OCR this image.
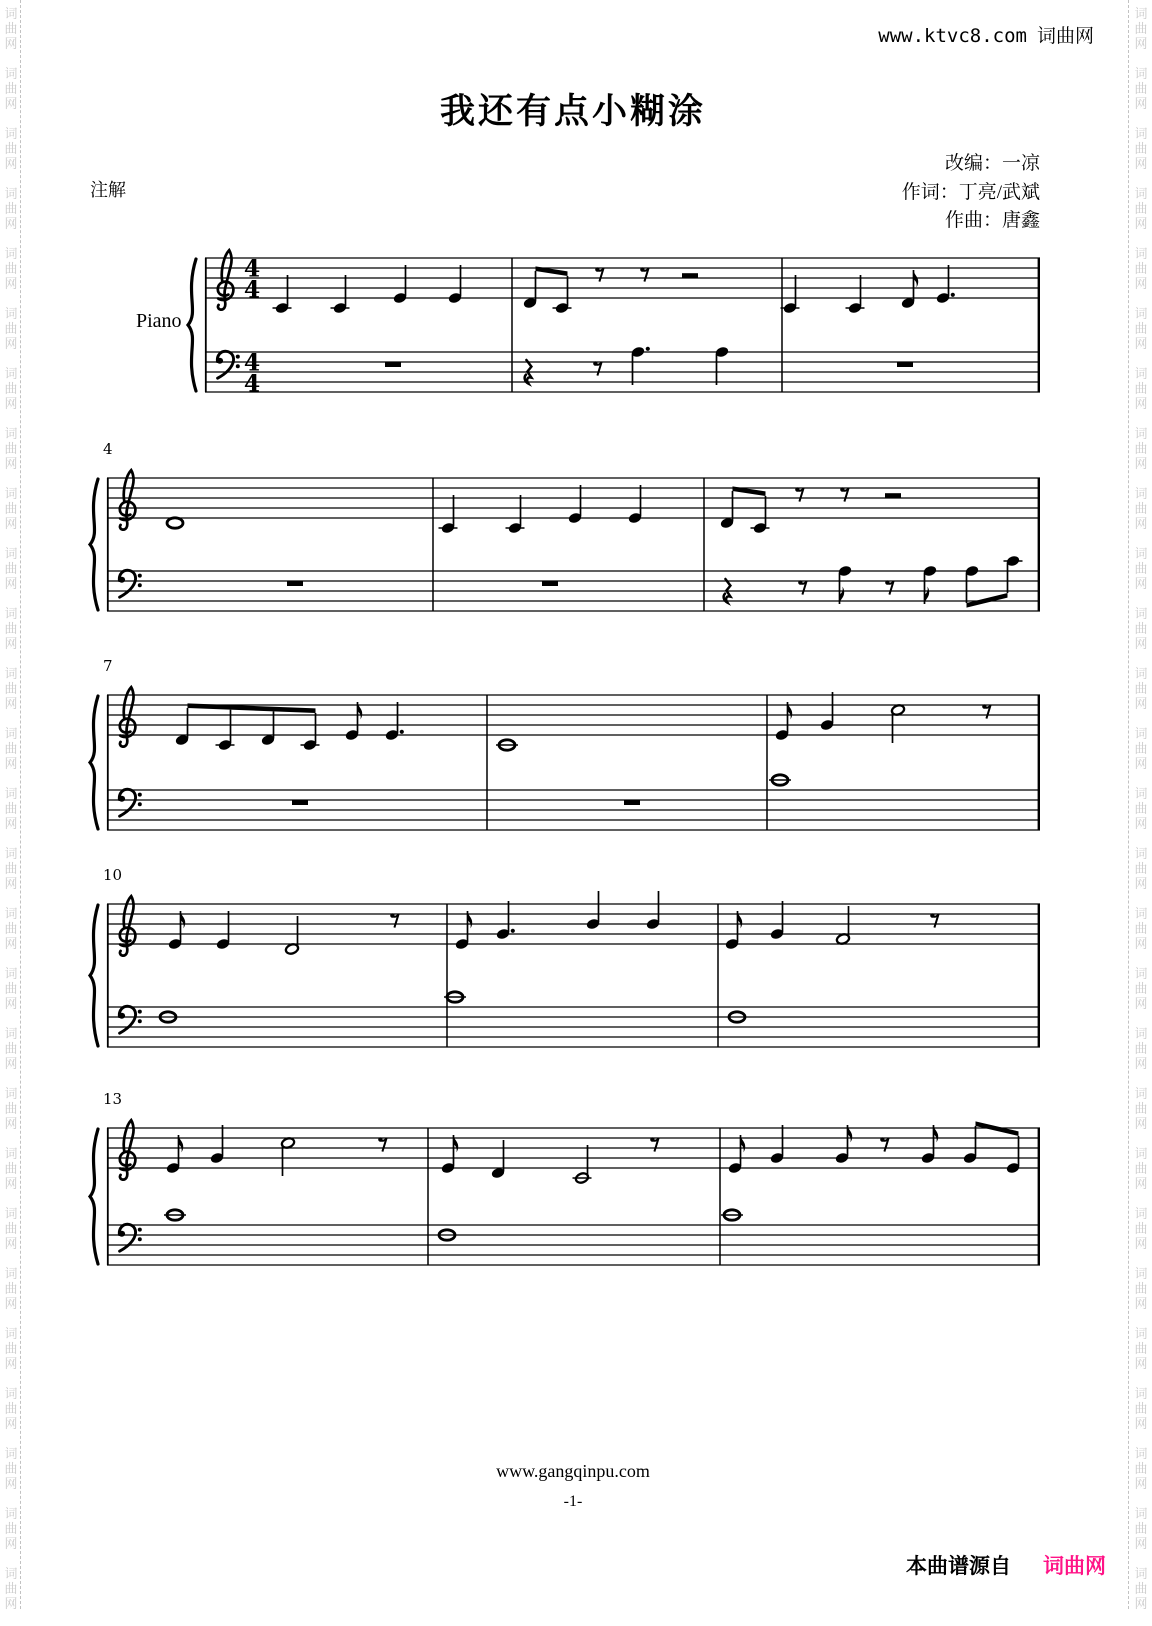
词
曲
网
词
曲
网
词
曲
网
词
曲
网
词
曲
网
词
曲
网
词
曲
网
词
曲
网
词
曲
网
词
曲
网
词
曲
网
词
曲
网
词
曲
网
词
曲
网
词
曲
网
词
曲
网
词
曲
网
词
曲
网
词
曲
网
词
曲
网
词
曲
网
词
曲
网
词
曲
网
词
曲
网
词
曲
网
词
曲
网
词
曲
网
词
曲
网
词
曲
网
词
曲
网
词
曲
网
词
曲
网
词
曲
网
词
曲
网
词
曲
网
词
曲
网
词
曲
网
词
曲
网
词
曲
网
词
曲
网
词
曲
网
词
曲
网
词
曲
网
词
曲
网
词
曲
网
词
曲
网
词
曲
网
词
曲
网
词
曲
网
词
曲
网
词
曲
网
词
曲
网
词
曲
网
词
曲
网
www.ktvc8.com 词曲网
我还有点小糊涂
改编：一凉
作词：丁亮/武斌
作曲：唐鑫
注解
Piano
4
4
4
4
4
7
10
13
www.gangqinpu.com
-1-
本曲谱源自 词曲网
